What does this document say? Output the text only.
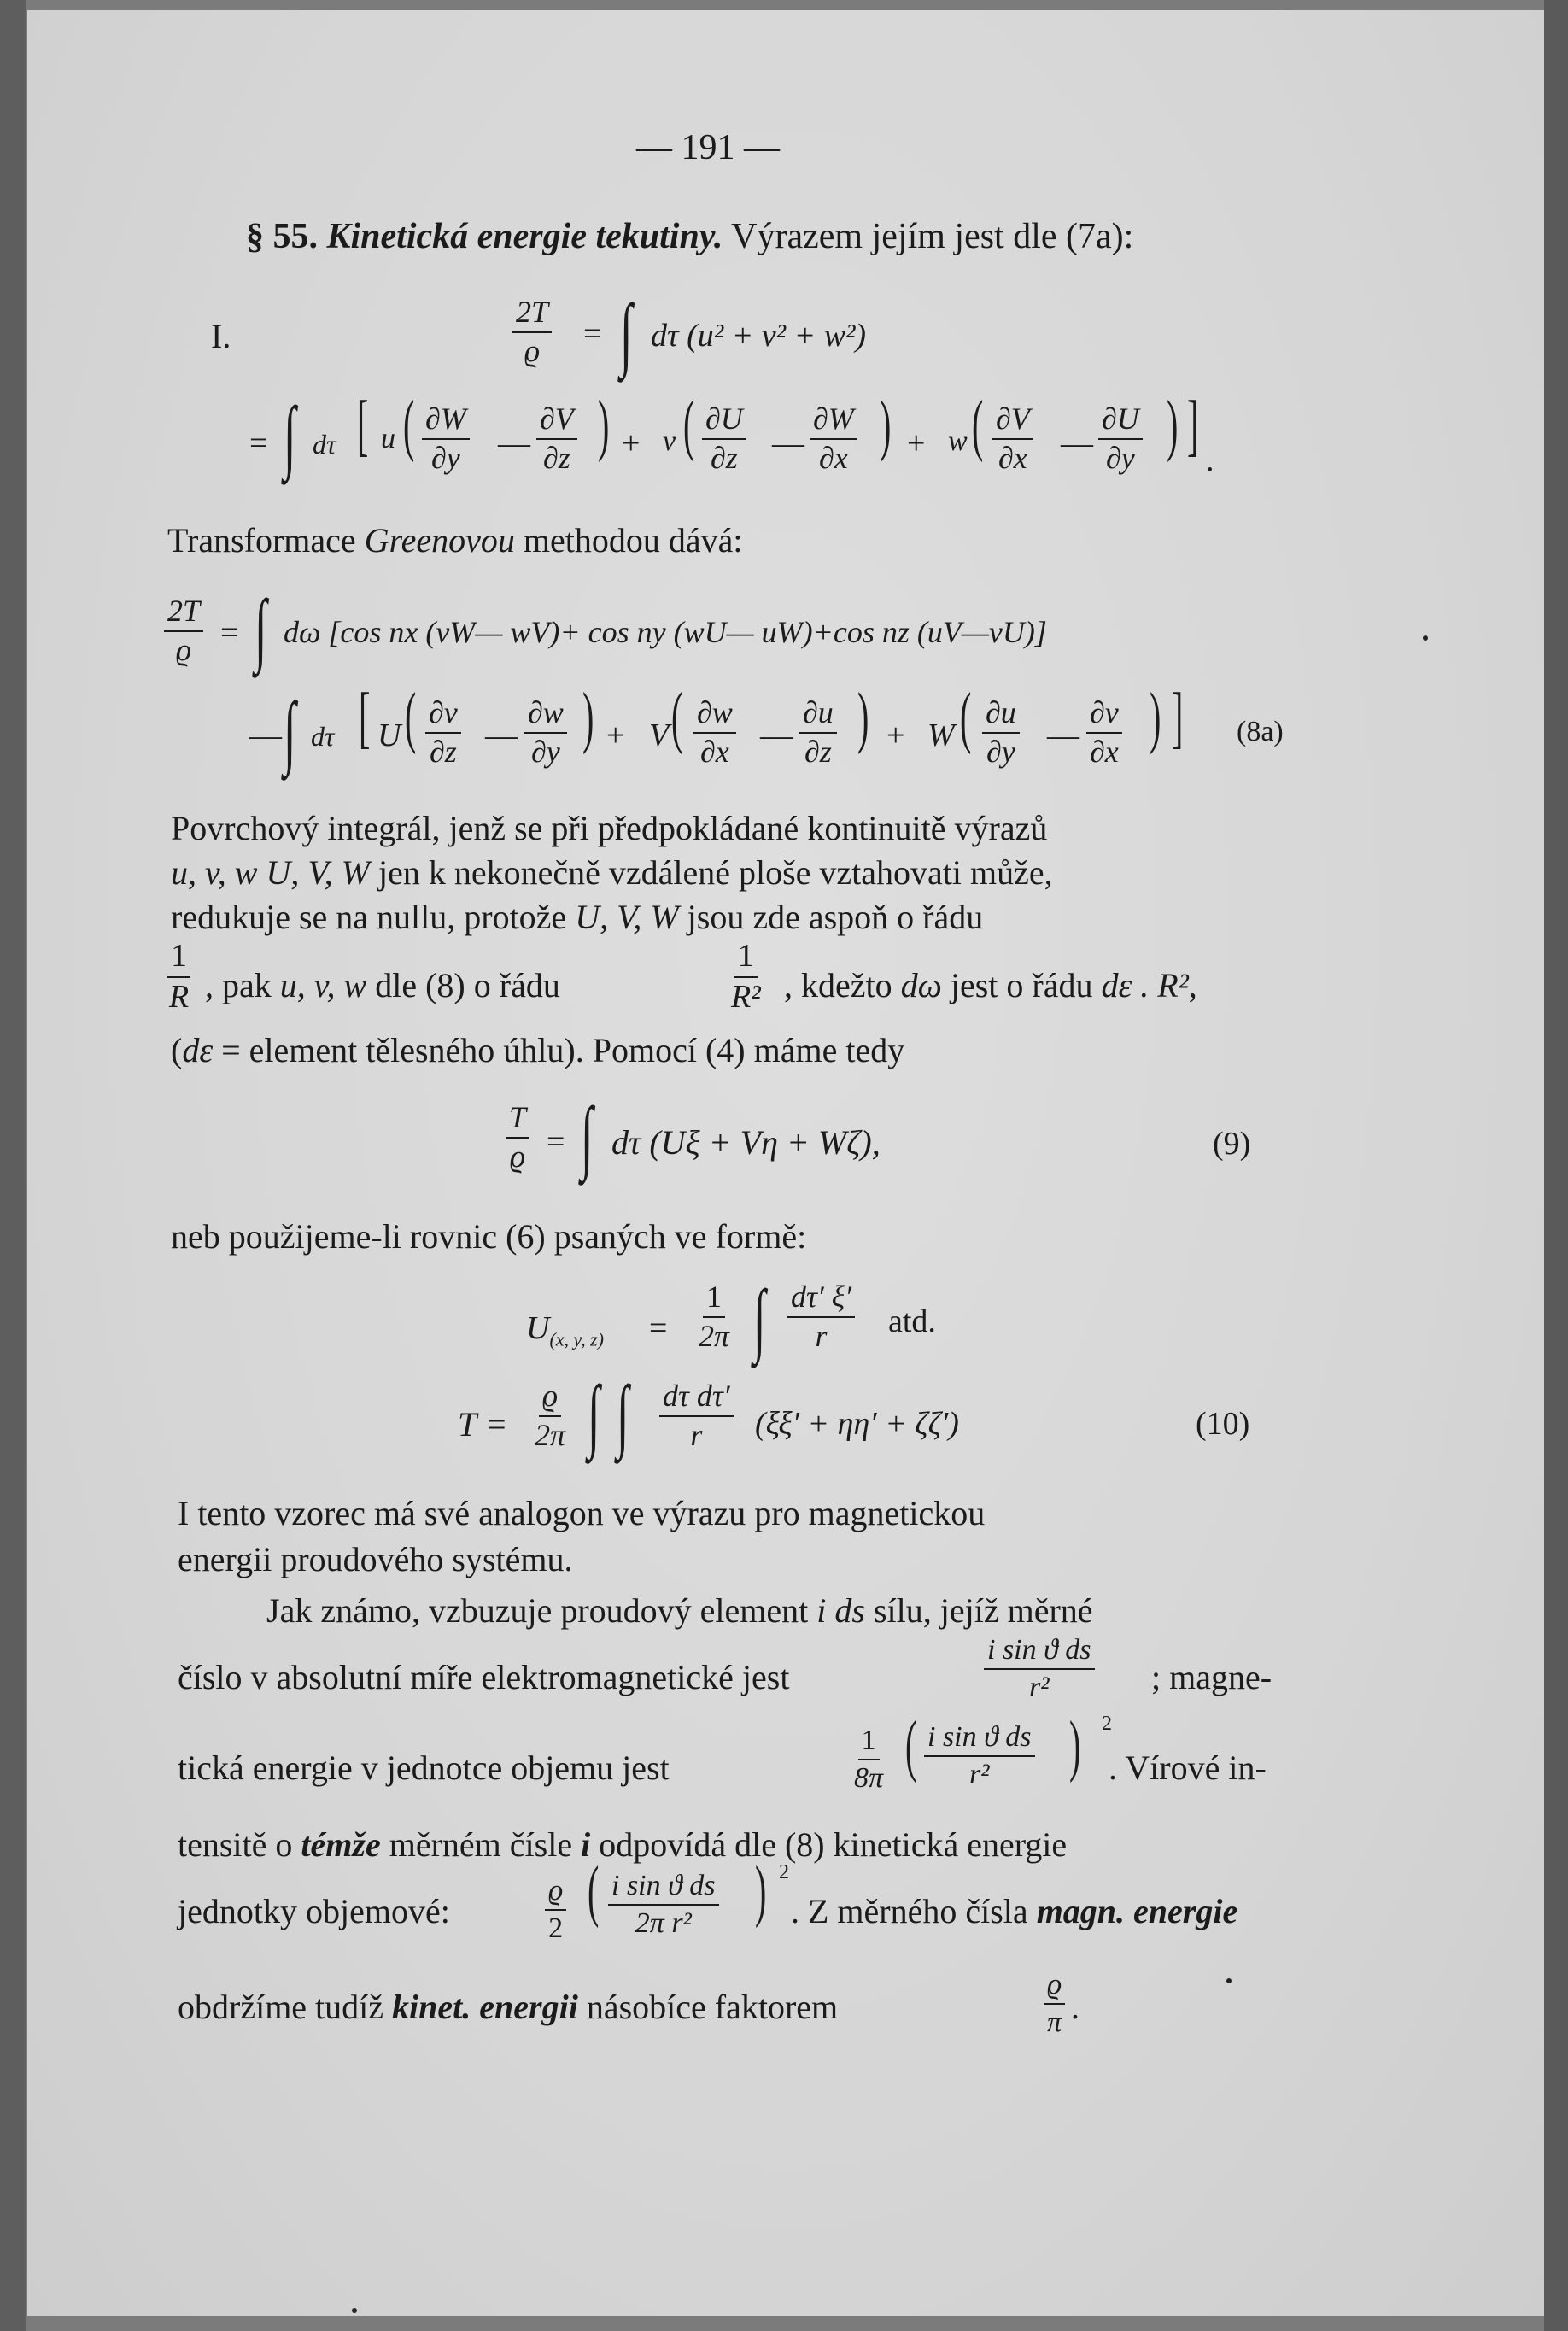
— 191 —
§ 55. Kinetická energie tekutiny. Výrazem jejím jest dle (7a):
I.	$\frac{2T}{ϱ}$ = ∫ dτ (u² + v² + w²)
= ∫ dτ [ u ( $\frac{\partial W}{\partial y}$ — $\frac{\partial V}{\partial z}$ ) + v ( $\frac{\partial U}{\partial z}$ — $\frac{\partial W}{\partial x}$ ) + w ( $\frac{\partial V}{\partial x}$ — $\frac{\partial U}{\partial y}$ ) ] .
Transformace Greenovou methodou dává:
$\frac{2T}{ϱ}$ = ∫ dω [cos nx (vW— wV)+ cos ny (wU— uW)+cos nz (uV—vU)]
— ∫ dτ [ U ( $\frac{\partial v}{\partial z}$ — $\frac{\partial w}{\partial y}$ ) + V ( $\frac{\partial w}{\partial x}$ — $\frac{\partial u}{\partial z}$ ) + W ( $\frac{\partial u}{\partial y}$ — $\frac{\partial v}{\partial x}$ ) ] (8a)
Povrchový integrál, jenž se při předpokládané kontinuitě výrazů
u, v, w U, V, W jen k nekonečně vzdálené ploše vztahovati může,
redukuje se na nullu, protože U, V, W jsou zde aspoň o řádu
$\frac{1}{R}$ , pak u, v, w dle (8) o řádu	$\frac{1}{\text{R²}}$ , kdežto dω jest o řádu dε . R²,
(dε = element tělesného úhlu). Pomocí (4) máme tedy
$\frac{T}{ϱ}$ = ∫ dτ (Uξ + Vη + Wζ),	(9)
neb použijeme-li rovnic (6) psaných ve formě:
$U_{(x, y, z)} = \frac{1}{2\pi}$ ∫ $\frac{d\tau' \xi'}{r}$ atd.
$T = \frac{ϱ}{2\pi}$ ∫ ∫ $\frac{\text{dτ dτ′}}{r} (\xi\xi' + \eta\eta' + \zeta\zeta')$	(10)
I tento vzorec má své analogon ve výrazu pro magnetickou
energii proudového systému.
Jak známo, vzbuzuje proudový element i ds sílu, jejíž měrné
číslo v absolutní míře elektromagnetické jest	$\frac{\text{i sin ϑ ds}}{\text{r²}}$ ; magne-
tická energie v jednotce objemu jest	$\frac{1}{8\pi}$ ( $\frac{\text{i sin ϑ ds}}{\text{r²}}$ ) 2
. Vírové in-
tensitě o témže měrném čísle i odpovídá dle (8) kinetická energie
jednotky objemové:	$\frac{ϱ}{2}$ ( $\frac{\text{i sin ϑ ds}}{\text{2π r²}}$ ) 2
. Z měrného čísla magn. energie
obdržíme tudíž kinet. energii násobíce faktorem	$\frac{ϱ}{\pi}$ .
